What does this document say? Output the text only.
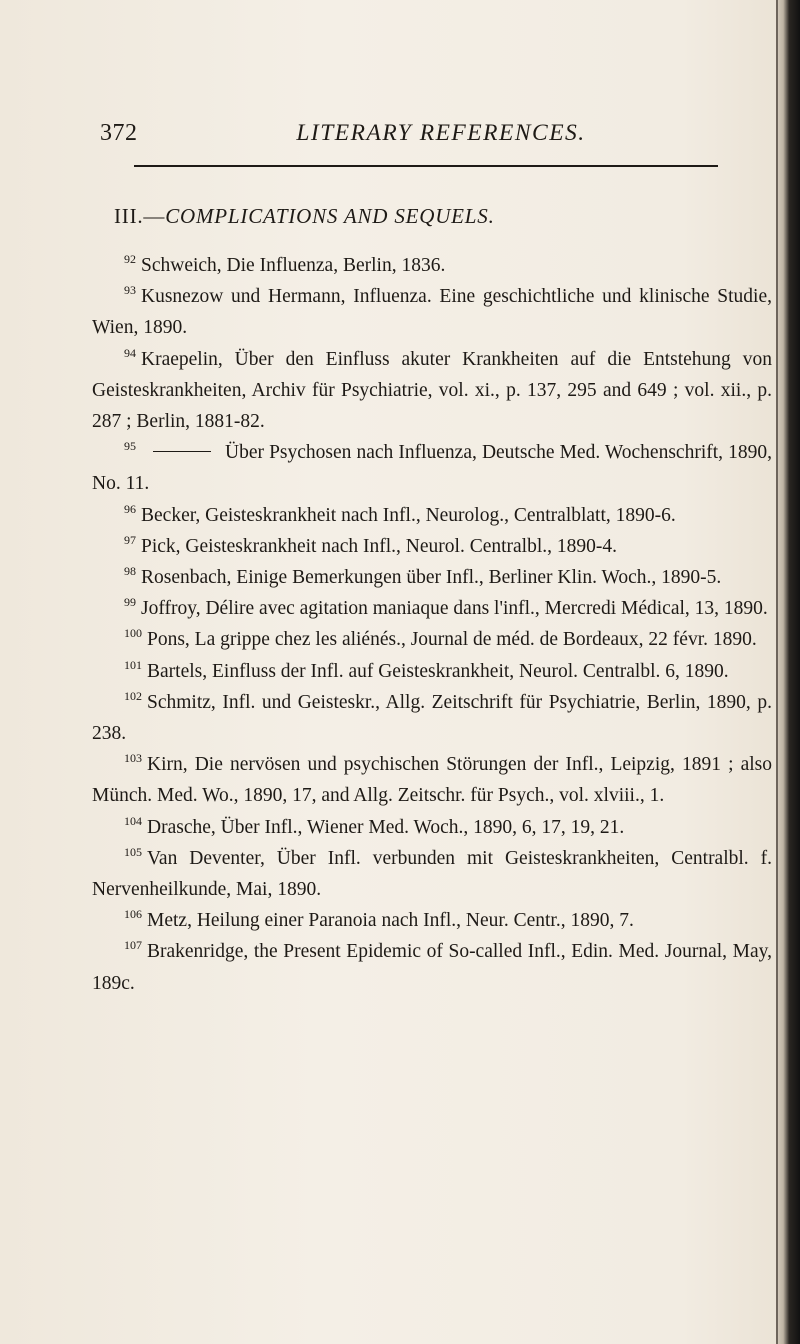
372	LITERARY REFERENCES.
III.—COMPLICATIONS AND SEQUELS.

$^{92}$ Schweich, Die Influenza, Berlin, 1836.

$^{93}$ Kusnezow und Hermann, Influenza. Eine geschichtliche und klinische Studie, Wien, 1890.

$^{94}$ Kraepelin, Über den Einfluss akuter Krankheiten auf die Entstehung von Geisteskrankheiten, Archiv für Psychiatrie, vol. xi., p. 137, 295 and 649 ; vol. xii., p. 287 ; Berlin, 1881-82.

$^{95}$	Über Psychosen nach Influenza, Deutsche Med. Wochenschrift, 1890, No. 11.

$^{96}$ Becker, Geisteskrankheit nach Infl., Neurolog., Centralblatt, 1890-6.

$^{97}$ Pick, Geisteskrankheit nach Infl., Neurol. Centralbl., 1890-4.

$^{98}$ Rosenbach, Einige Bemerkungen über Infl., Berliner Klin. Woch., 1890-5.

$^{99}$ Joffroy, Délire avec agitation maniaque dans l'infl., Mercredi Médical, 13, 1890.

$^{100}$ Pons, La grippe chez les aliénés., Journal de méd. de Bordeaux, 22 févr. 1890.

$^{101}$ Bartels, Einfluss der Infl. auf Geisteskrankheit, Neurol. Centralbl. 6, 1890.

$^{102}$ Schmitz, Infl. und Geisteskr., Allg. Zeitschrift für Psychiatrie, Berlin, 1890, p. 238.

$^{103}$ Kirn, Die nervösen und psychischen Störungen der Infl., Leipzig, 1891 ; also Münch. Med. Wo., 1890, 17, and Allg. Zeitschr. für Psych., vol. xlviii., 1.

$^{104}$ Drasche, Über Infl., Wiener Med. Woch., 1890, 6, 17, 19, 21.

$^{105}$ Van Deventer, Über Infl. verbunden mit Geisteskrankheiten, Centralbl. f. Nervenheilkunde, Mai, 1890.

$^{106}$ Metz, Heilung einer Paranoia nach Infl., Neur. Centr., 1890, 7.

$^{107}$ Brakenridge, the Present Epidemic of So-called Infl., Edin. Med. Journal, May, 189c.
